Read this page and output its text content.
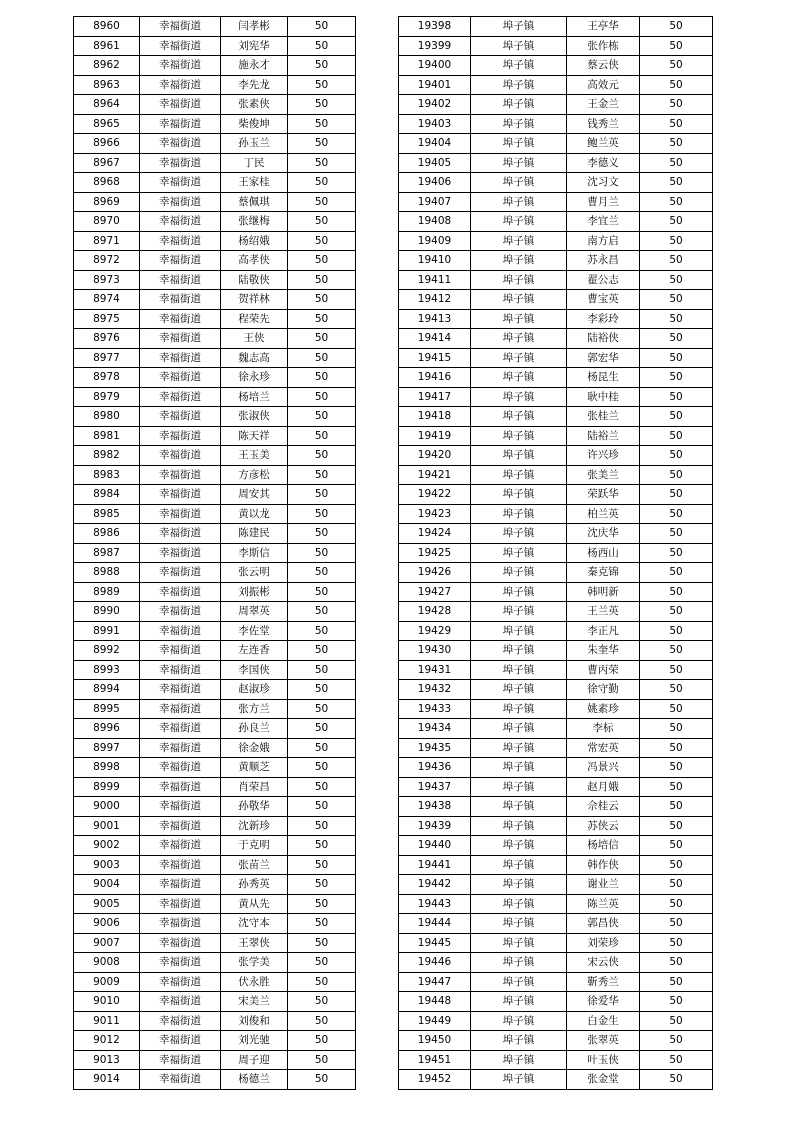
8960	幸福街道	闫孝彬	50
8961	幸福街道	刘宪华	50
8962	幸福街道	施永才	50
8963	幸福街道	李先龙	50
8964	幸福街道	张素侠	50
8965	幸福街道	柴俊坤	50
8966	幸福街道	孙玉兰	50
8967	幸福街道	丁民	50
8968	幸福街道	王家桂	50
8969	幸福街道	蔡佩琪	50
8970	幸福街道	张继梅	50
8971	幸福街道	杨绍娥	50
8972	幸福街道	高孝侠	50
8973	幸福街道	陆敬侠	50
8974	幸福街道	贺祥林	50
8975	幸福街道	程荣先	50
8976	幸福街道	王侠	50
8977	幸福街道	魏志高	50
8978	幸福街道	徐永珍	50
8979	幸福街道	杨培兰	50
8980	幸福街道	张淑侠	50
8981	幸福街道	陈天祥	50
8982	幸福街道	王玉美	50
8983	幸福街道	方彦松	50
8984	幸福街道	周安其	50
8985	幸福街道	黄以龙	50
8986	幸福街道	陈建民	50
8987	幸福街道	李斯信	50
8988	幸福街道	张云明	50
8989	幸福街道	刘振彬	50
8990	幸福街道	周翠英	50
8991	幸福街道	李佐堂	50
8992	幸福街道	左连香	50
8993	幸福街道	李国侠	50
8994	幸福街道	赵淑珍	50
8995	幸福街道	张方兰	50
8996	幸福街道	孙良兰	50
8997	幸福街道	徐金娥	50
8998	幸福街道	黄顺芝	50
8999	幸福街道	肖荣昌	50
9000	幸福街道	孙敬华	50
9001	幸福街道	沈新珍	50
9002	幸福街道	于克明	50
9003	幸福街道	张苗兰	50
9004	幸福街道	孙秀英	50
9005	幸福街道	黄从先	50
9006	幸福街道	沈守本	50
9007	幸福街道	王翠侠	50
9008	幸福街道	张学美	50
9009	幸福街道	伏永胜	50
9010	幸福街道	宋美兰	50
9011	幸福街道	刘俊和	50
9012	幸福街道	刘光驰	50
9013	幸福街道	周子迎	50
9014	幸福街道	杨德兰	50
19398	埠子镇	王亭华	50
19399	埠子镇	张作栋	50
19400	埠子镇	蔡云侠	50
19401	埠子镇	高效元	50
19402	埠子镇	王金兰	50
19403	埠子镇	钱秀兰	50
19404	埠子镇	鲍兰英	50
19405	埠子镇	李德义	50
19406	埠子镇	沈习文	50
19407	埠子镇	曹月兰	50
19408	埠子镇	李宜兰	50
19409	埠子镇	南方启	50
19410	埠子镇	苏永昌	50
19411	埠子镇	翟公志	50
19412	埠子镇	曹宝英	50
19413	埠子镇	李彩玲	50
19414	埠子镇	陆裕侠	50
19415	埠子镇	郭宏华	50
19416	埠子镇	杨昆生	50
19417	埠子镇	耿中桂	50
19418	埠子镇	张桂兰	50
19419	埠子镇	陆裕兰	50
19420	埠子镇	许兴珍	50
19421	埠子镇	张美兰	50
19422	埠子镇	荣跃华	50
19423	埠子镇	柏兰英	50
19424	埠子镇	沈庆华	50
19425	埠子镇	杨西山	50
19426	埠子镇	秦克锦	50
19427	埠子镇	韩明新	50
19428	埠子镇	王兰英	50
19429	埠子镇	李正凡	50
19430	埠子镇	朱奎华	50
19431	埠子镇	曹丙荣	50
19432	埠子镇	徐守勤	50
19433	埠子镇	姚素珍	50
19434	埠子镇	李标	50
19435	埠子镇	常宏英	50
19436	埠子镇	冯景兴	50
19437	埠子镇	赵月娥	50
19438	埠子镇	佘桂云	50
19439	埠子镇	苏侠云	50
19440	埠子镇	杨培信	50
19441	埠子镇	韩作侠	50
19442	埠子镇	谢业兰	50
19443	埠子镇	陈兰英	50
19444	埠子镇	郭昌侠	50
19445	埠子镇	刘荣珍	50
19446	埠子镇	宋云侠	50
19447	埠子镇	靳秀兰	50
19448	埠子镇	徐爱华	50
19449	埠子镇	白金生	50
19450	埠子镇	张翠英	50
19451	埠子镇	叶玉侠	50
19452	埠子镇	张金堂	50
